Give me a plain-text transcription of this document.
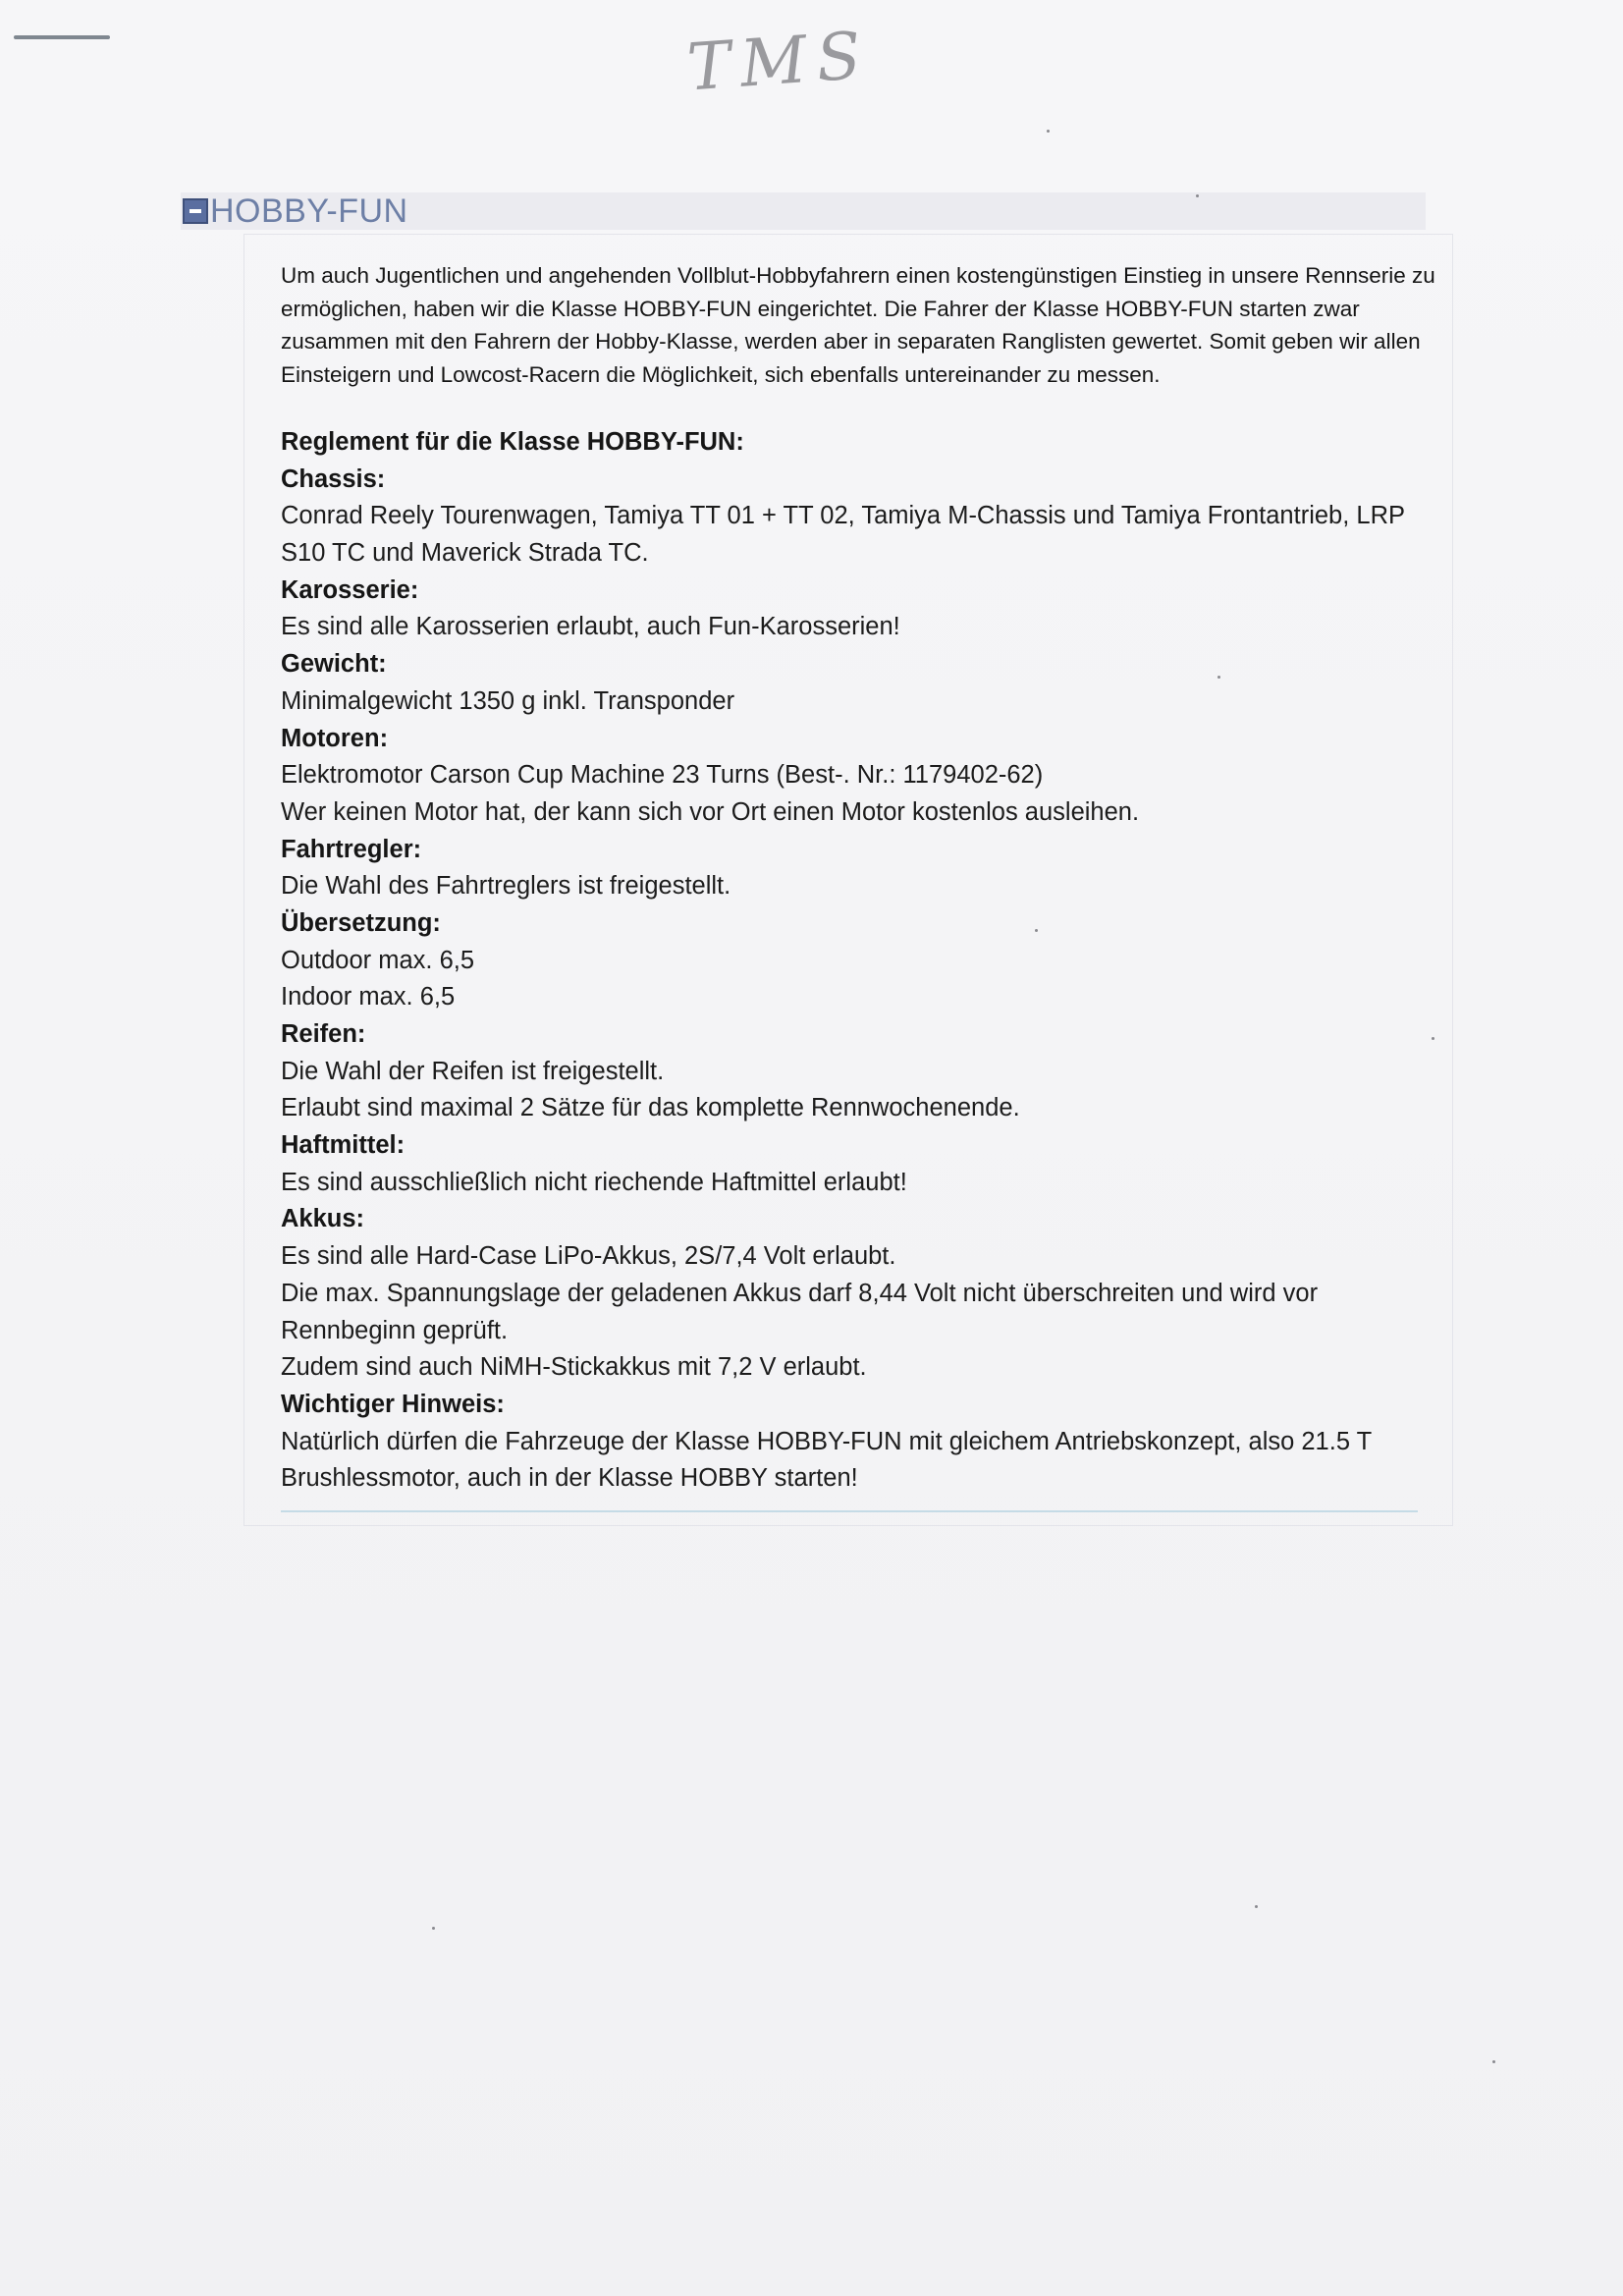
TMS
HOBBY-FUN
Um auch Jugentlichen und angehenden Vollblut-Hobbyfahrern einen kostengünstigen Einstieg in unsere Rennserie zu ermöglichen, haben wir die Klasse HOBBY-FUN eingerichtet. Die Fahrer der Klasse HOBBY-FUN starten zwar zusammen mit den Fahrern der Hobby-Klasse, werden aber in separaten Ranglisten gewertet. Somit geben wir allen Einsteigern und Lowcost-Racern die Möglichkeit, sich ebenfalls untereinander zu messen.
Reglement für die Klasse HOBBY-FUN:
Chassis:
Conrad Reely Tourenwagen, Tamiya TT 01 + TT 02, Tamiya M-Chassis und Tamiya Frontantrieb, LRP S10 TC und Maverick Strada TC.
Karosserie:
Es sind alle Karosserien erlaubt, auch Fun-Karosserien!
Gewicht:
Minimalgewicht 1350 g inkl. Transponder
Motoren:
Elektromotor Carson Cup Machine 23 Turns (Best-. Nr.: 1179402-62)
Wer keinen Motor hat, der kann sich vor Ort einen Motor kostenlos ausleihen.
Fahrtregler:
Die Wahl des Fahrtreglers ist freigestellt.
Übersetzung:
Outdoor max. 6,5
Indoor max. 6,5
Reifen:
Die Wahl der Reifen ist freigestellt.
Erlaubt sind maximal 2 Sätze für das komplette Rennwochenende.
Haftmittel:
Es sind ausschließlich nicht riechende Haftmittel erlaubt!
Akkus:
Es sind alle Hard-Case LiPo-Akkus, 2S/7,4 Volt erlaubt.
Die max. Spannungslage der geladenen Akkus darf 8,44 Volt nicht überschreiten und wird vor Rennbeginn geprüft.
Zudem sind auch NiMH-Stickakkus mit 7,2 V erlaubt.
Wichtiger Hinweis:
Natürlich dürfen die Fahrzeuge der Klasse HOBBY-FUN mit gleichem Antriebskonzept, also 21.5 T Brushlessmotor, auch in der Klasse HOBBY starten!
